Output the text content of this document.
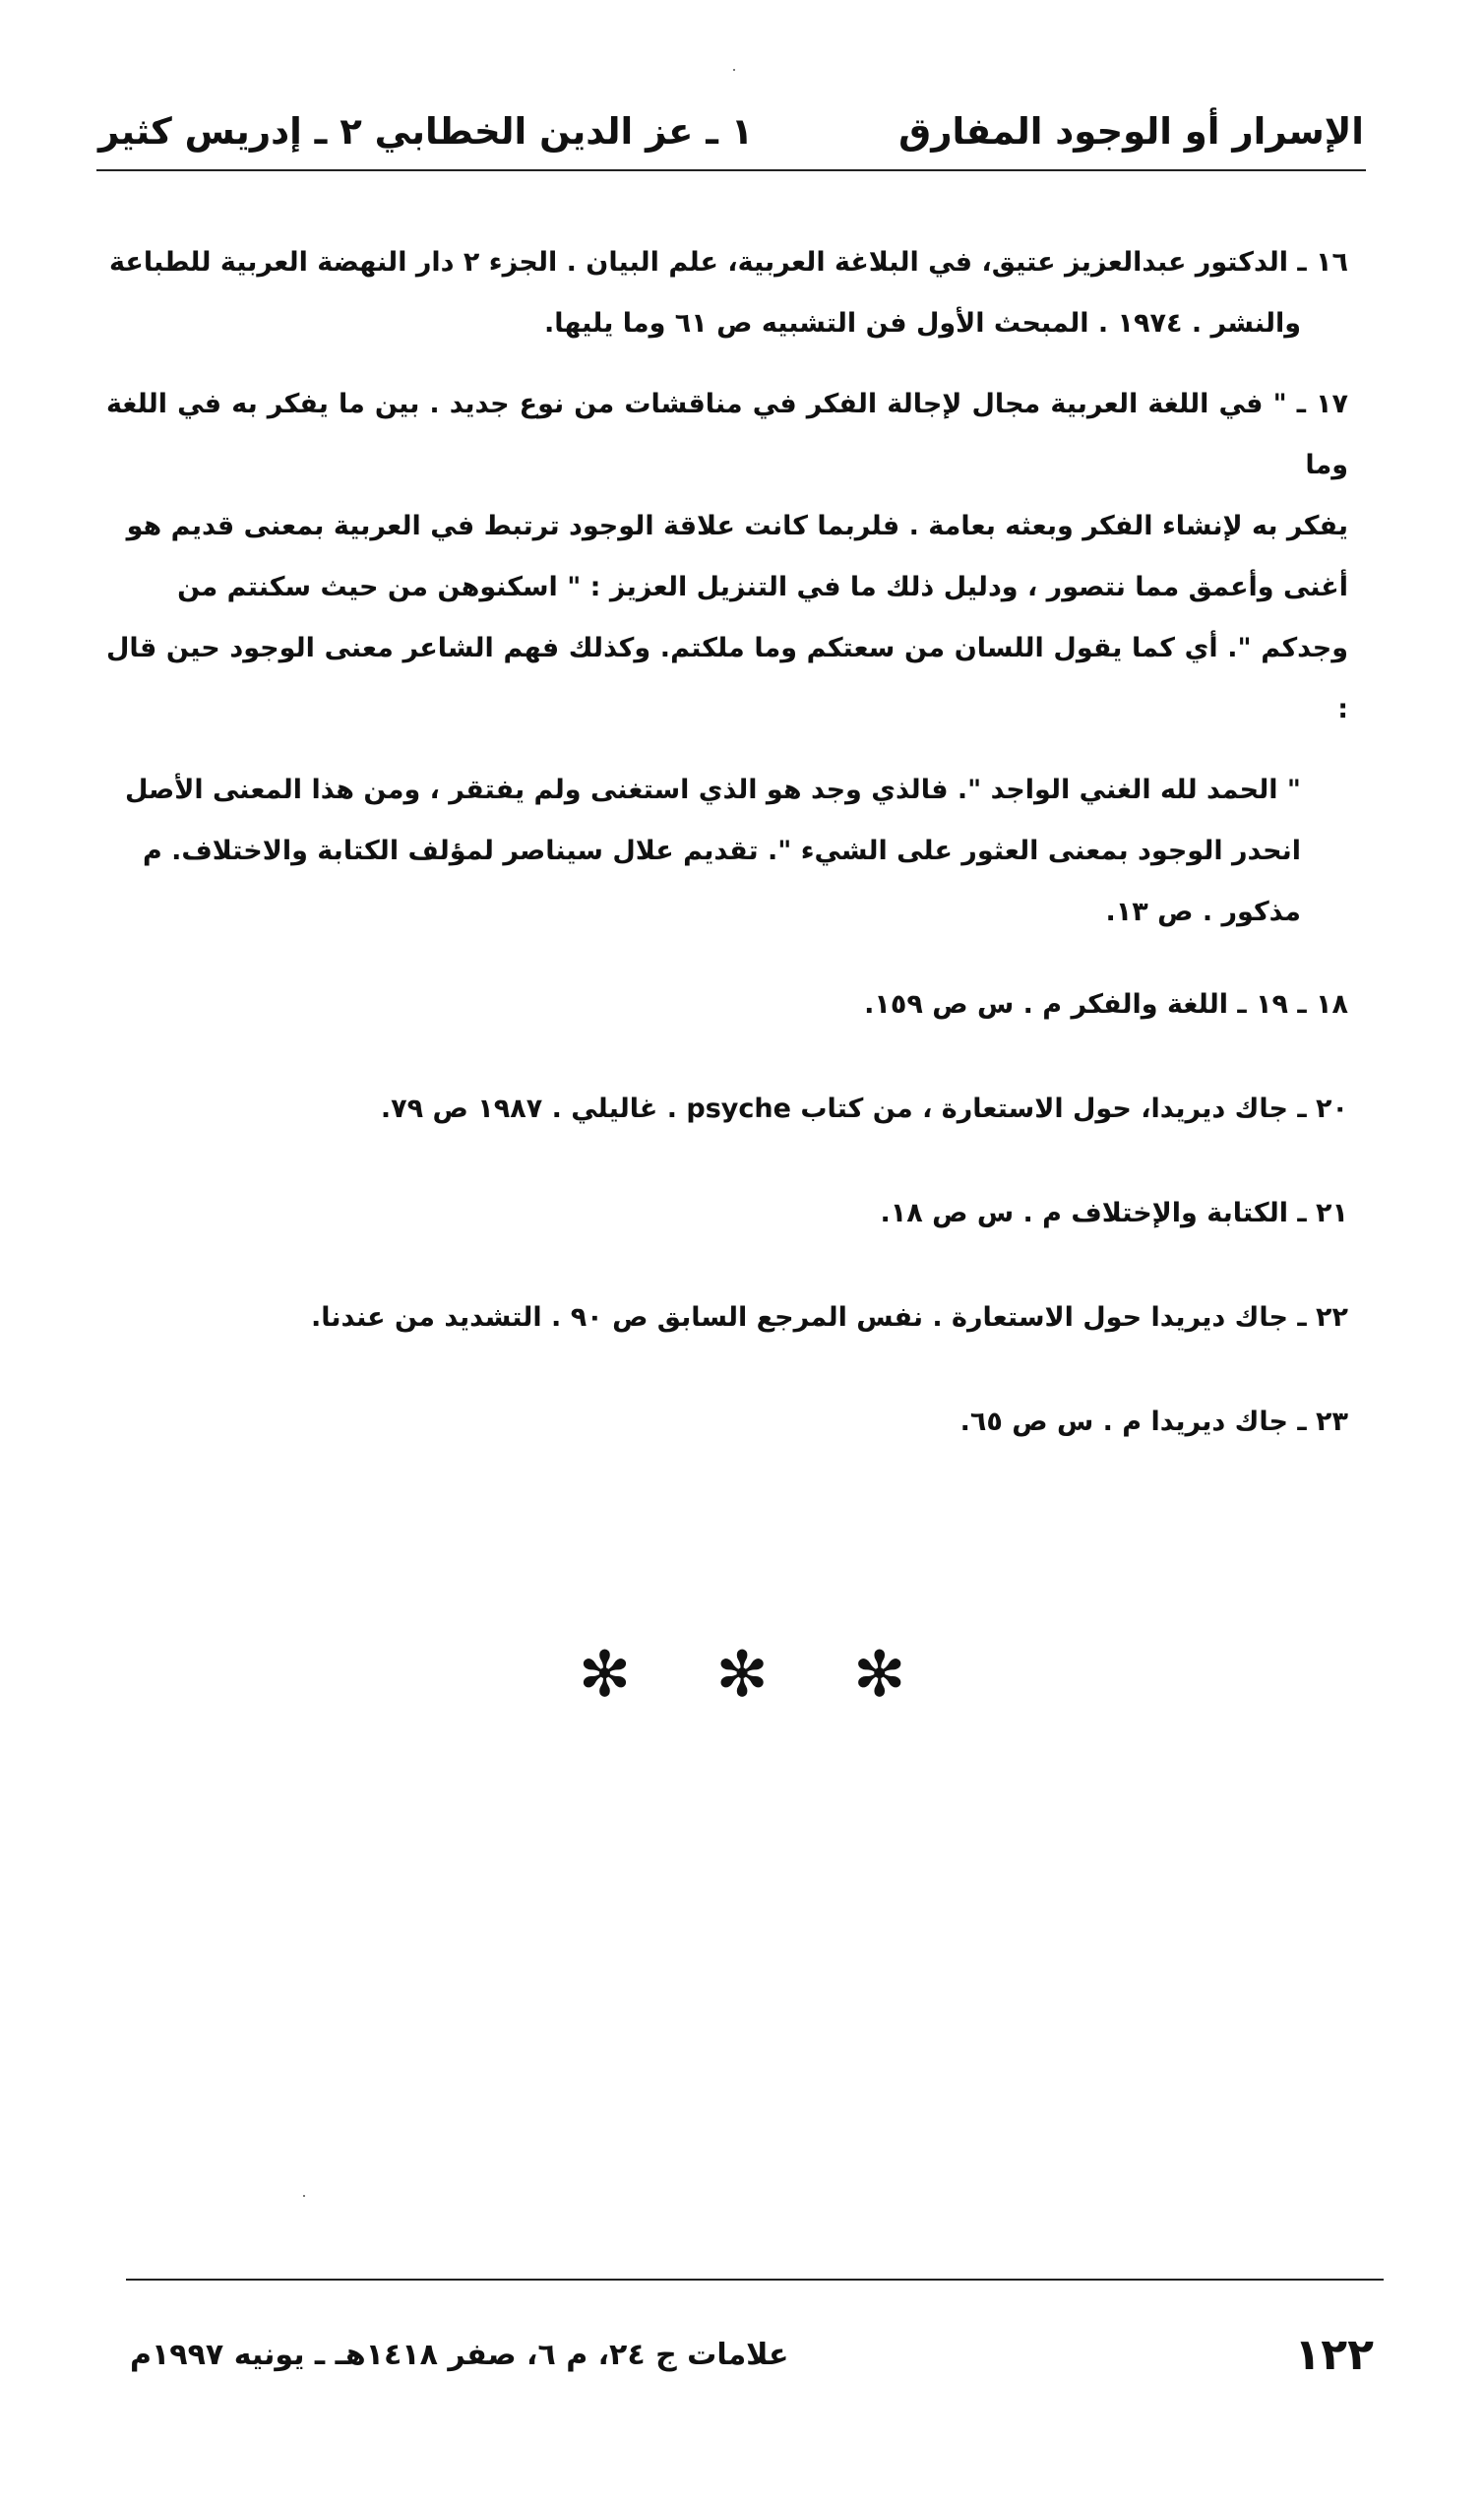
الإسرار أو الوجود المفارق
١ ـ عز الدين الخطابي ٢ ـ إدريس كثير
١٦ ـ الدكتور عبدالعزيز عتيق، في البلاغة العربية، علم البيان . الجزء ٢ دار النهضة العربية للطباعة
والنشر . ١٩٧٤ . المبحث الأول فن التشبيه ص ٦١ وما يليها.
١٧ ـ " في اللغة العربية مجال لإجالة الفكر في مناقشات من نوع جديد . بين ما يفكر به في اللغة وما
يفكر به لإنشاء الفكر وبعثه بعامة . فلربما كانت علاقة الوجود ترتبط في العربية بمعنى قديم هو
أغنى وأعمق مما نتصور ، ودليل ذلك ما في التنزيل العزيز : " اسكنوهن من حيث سكنتم من
وجدكم ". أي كما يقول اللسان من سعتكم وما ملكتم. وكذلك فهم الشاعر معنى الوجود حين قال :
" الحمد لله الغني الواجد ". فالذي وجد هو الذي استغنى ولم يفتقر ، ومن هذا المعنى الأصل
انحدر الوجود بمعنى العثور على الشيء ". تقديم علال سيناصر لمؤلف الكتابة والاختلاف. م
مذكور . ص ١٣.
١٨ ـ ١٩ ـ اللغة والفكر م . س ص ١٥٩.
٢٠ ـ جاك ديريدا، حول الاستعارة ، من كتاب psyche . غاليلي . ١٩٨٧ ص ٧٩.
٢١ ـ الكتابة والإختلاف م . س ص ١٨.
٢٢ ـ جاك ديريدا حول الاستعارة . نفس المرجع السابق ص ٩٠ . التشديد من عندنا.
٢٣ ـ جاك ديريدا م . س ص ٦٥.
✻ ✻ ✻
١٢٢
علامات ج ٢٤، م ٦، صفر ١٤١٨هـ ـ يونيه ١٩٩٧م
